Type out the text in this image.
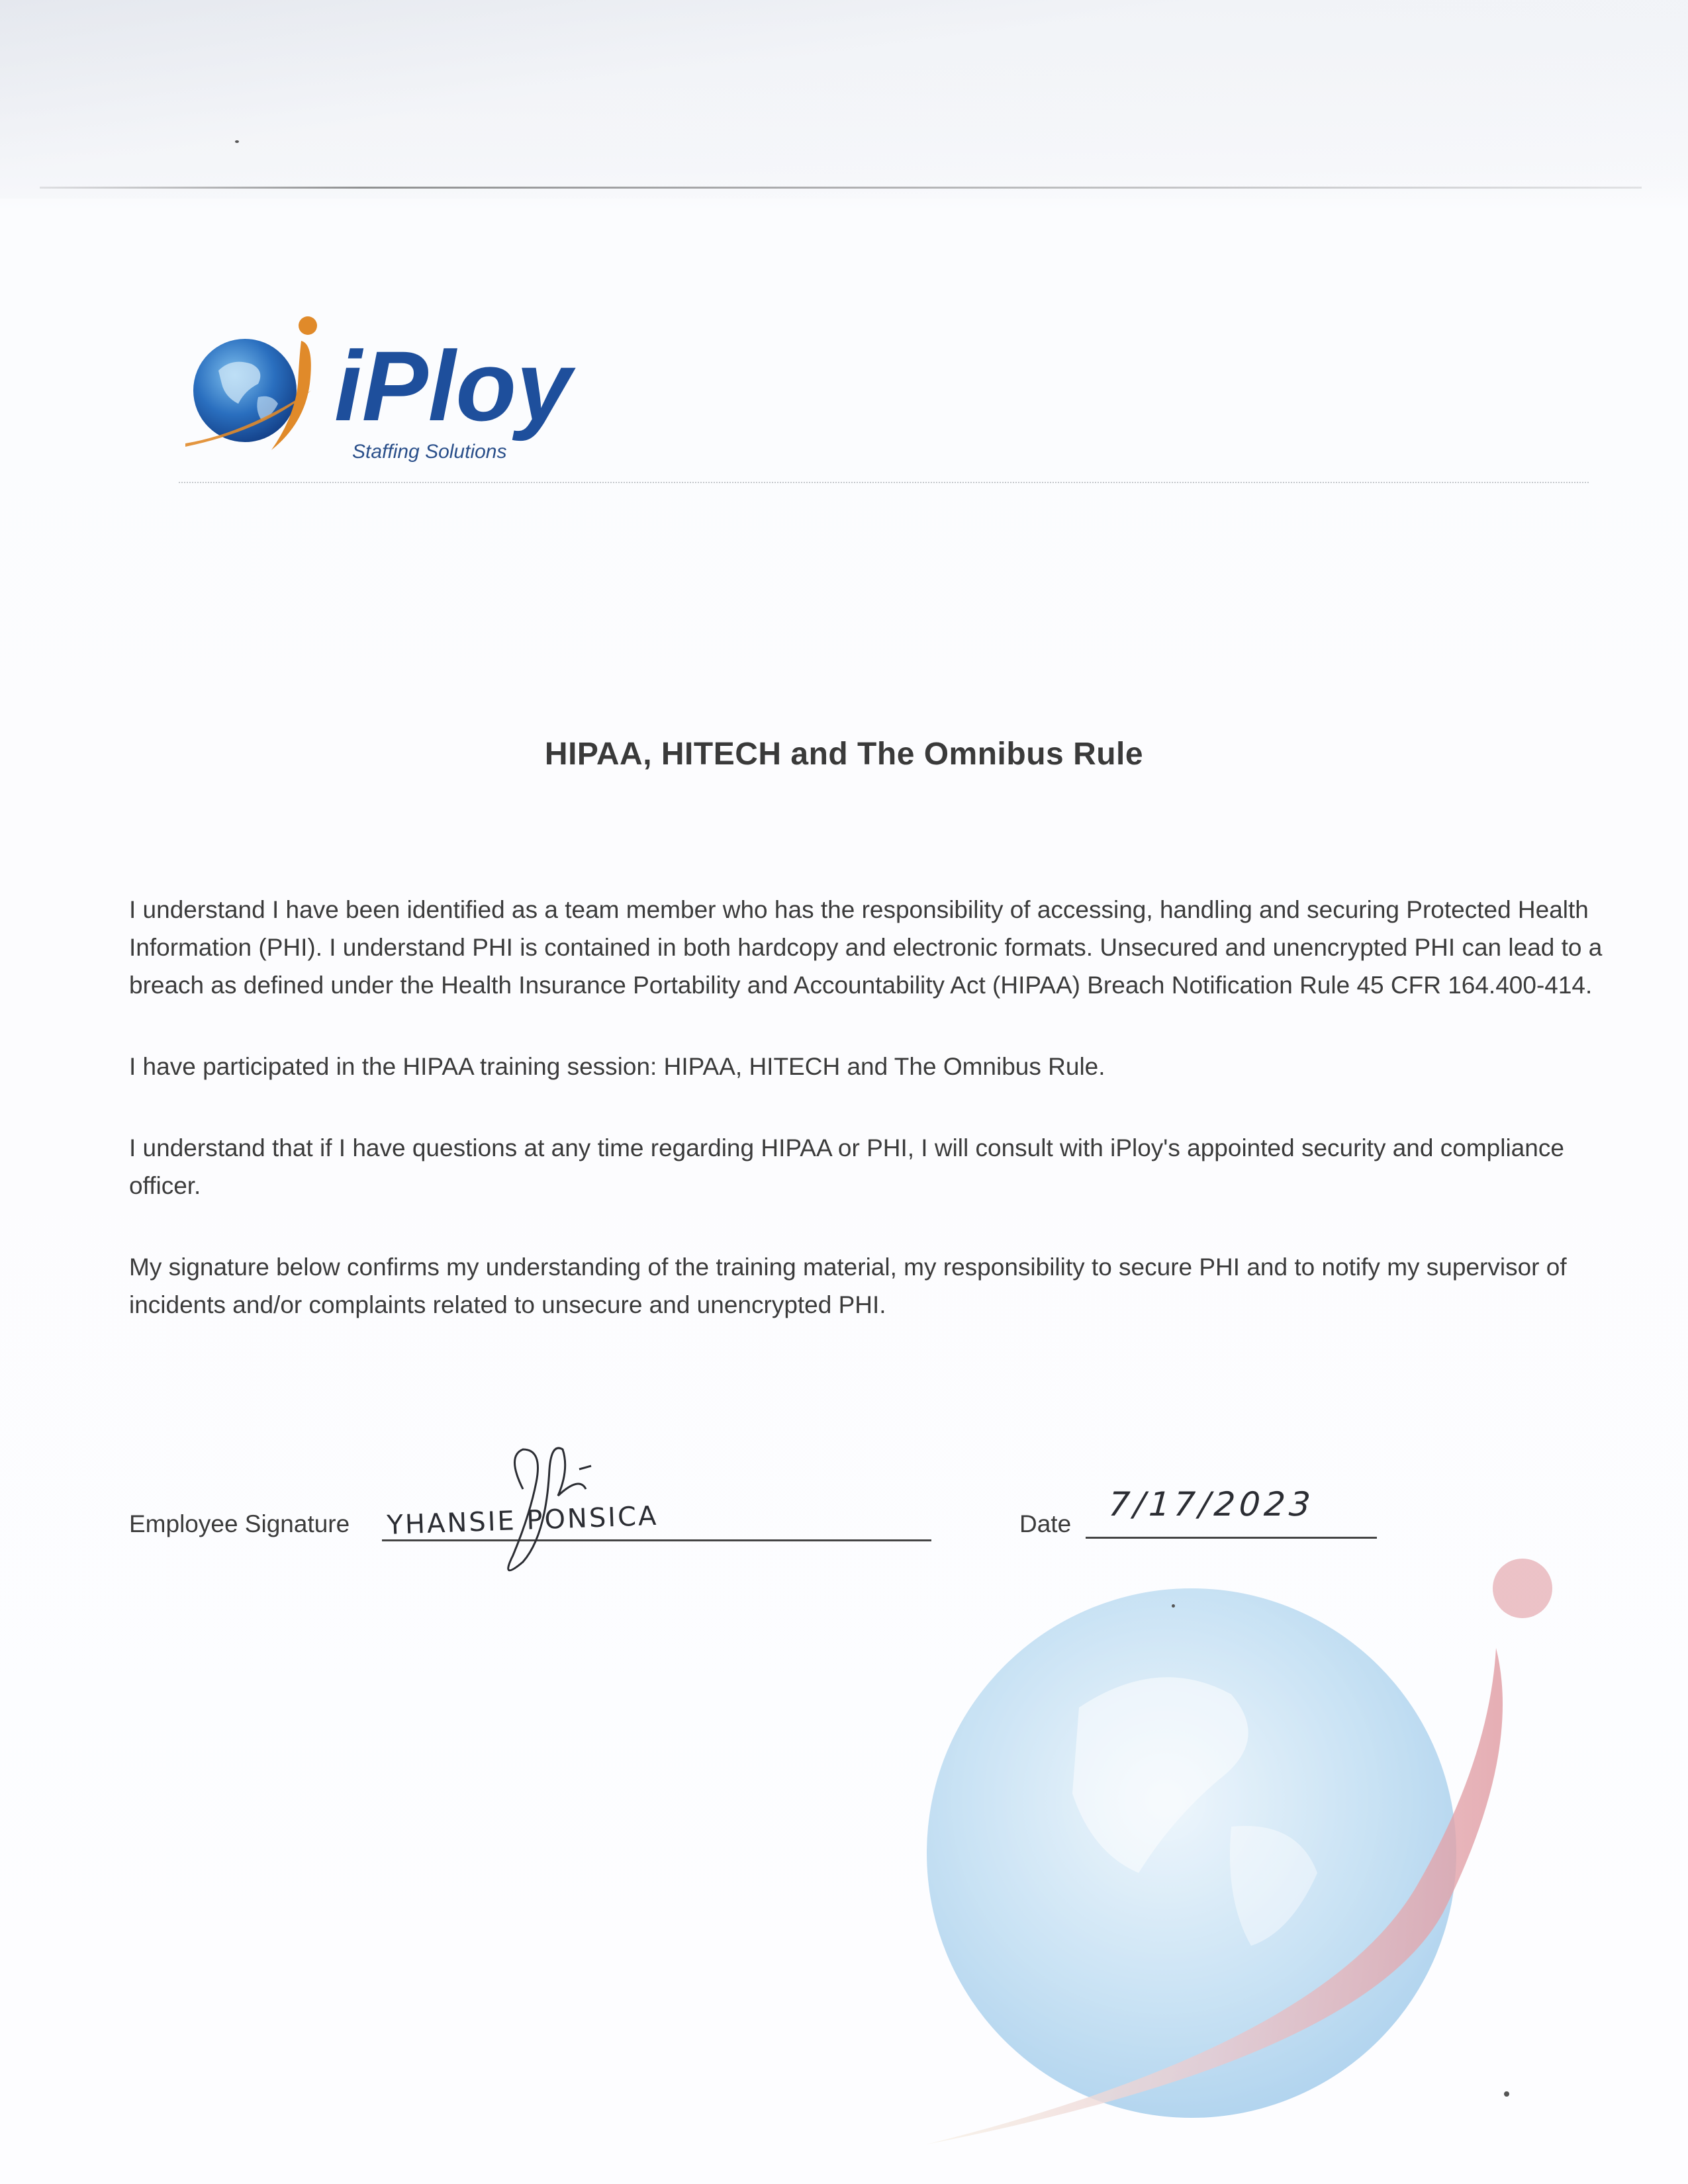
iPloy
Staffing Solutions
HIPAA, HITECH and The Omnibus Rule

I understand I have been identified as a team member who has the responsibility of accessing, handling and securing Protected Health Information (PHI). I understand PHI is contained in both hardcopy and electronic formats. Unsecured and unencrypted PHI can lead to a breach as defined under the Health Insurance Portability and Accountability Act (HIPAA) Breach Notification Rule 45 CFR 164.400-414.

I have participated in the HIPAA training session: HIPAA, HITECH and The Omnibus Rule.

I understand that if I have questions at any time regarding HIPAA or PHI, I will consult with iPloy's appointed security and compliance officer.

My signature below confirms my understanding of the training material, my responsibility to secure PHI and to notify my supervisor of incidents and/or complaints related to unsecure and unencrypted PHI.

Employee Signature YHANSIE PONSICA	Date
7/17/2023
